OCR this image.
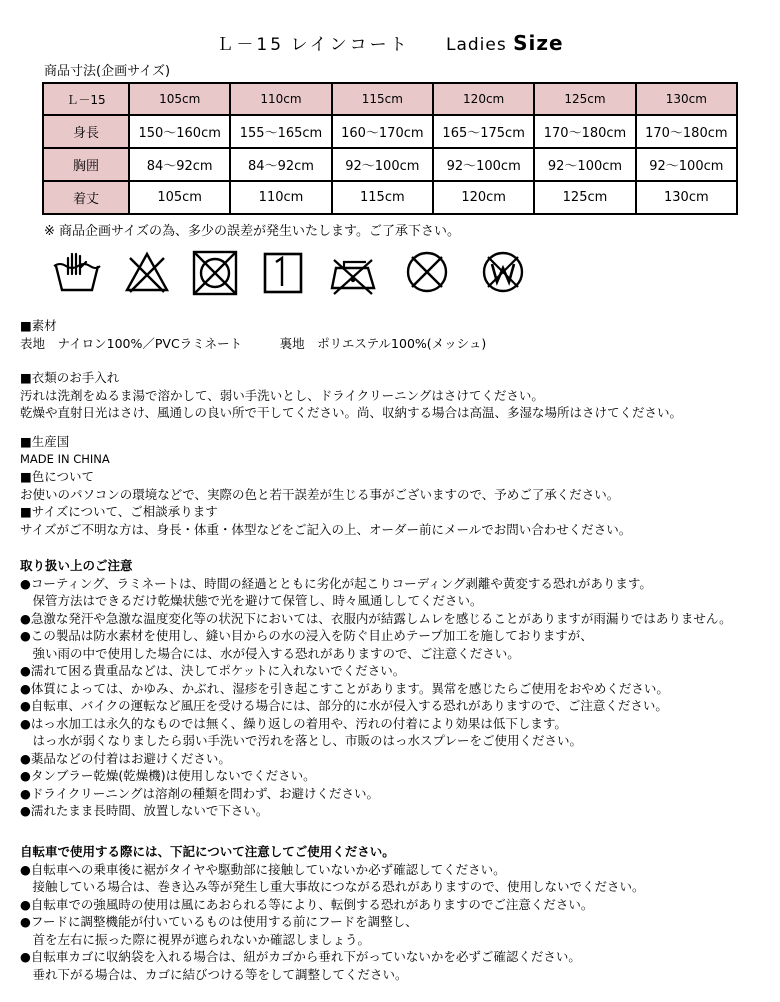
Ｌ－15 レインコート Ladies Size
商品寸法(企画サイズ)
Ｌ－15	105cm	110cm	115cm	120cm	125cm	130cm
身長	150〜160cm	155〜165cm	160〜170cm	165〜175cm	170〜180cm	170〜180cm
胸囲	84〜92cm	84〜92cm	92〜100cm	92〜100cm	92〜100cm	92〜100cm
着丈	105cm	110cm	115cm	120cm	125cm	130cm
※ 商品企画サイズの為、多少の誤差が発生いたします。ご了承下さい。
■素材
表地　ナイロン100%／PVCラミネート　　　裏地　ポリエステル100%(メッシュ)
■衣類のお手入れ
汚れは洗剤をぬるま湯で溶かして、弱い手洗いとし、ドライクリーニングはさけてください。
乾燥や直射日光はさけ、風通しの良い所で干してください。尚、収納する場合は高温、多湿な場所はさけてください。
■生産国
MADE IN CHINA
■色について
お使いのパソコンの環境などで、実際の色と若干誤差が生じる事がございますので、予めご了承ください。
■サイズについて、ご相談承ります
サイズがご不明な方は、身長・体重・体型などをご記入の上、オーダー前にメールでお問い合わせください。
取り扱い上のご注意
●コーティング、ラミネートは、時間の経過とともに劣化が起こりコーディング剥離や黄変する恐れがあります。
　保管方法はできるだけ乾燥状態で光を避けて保管し、時々風通ししてください。
●急激な発汗や急激な温度変化等の状況下においては、衣服内が結露しムレを感じることがありますが雨漏りではありません。
●この製品は防水素材を使用し、縫い目からの水の浸入を防ぐ目止めテープ加工を施しておりますが、
　強い雨の中で使用した場合には、水が侵入する恐れがありますので、ご注意ください。
●濡れて困る貴重品などは、決してポケットに入れないでください。
●体質によっては、かゆみ、かぶれ、湿疹を引き起こすことがあります。異常を感じたらご使用をおやめください。
●自転車、バイクの運転など風圧を受ける場合には、部分的に水が侵入する恐れがありますので、ご注意ください。
●はっ水加工は永久的なものでは無く、繰り返しの着用や、汚れの付着により効果は低下します。
　はっ水が弱くなりましたら弱い手洗いで汚れを落とし、市販のはっ水スプレーをご使用ください。
●薬品などの付着はお避けください。
●タンブラー乾燥(乾燥機)は使用しないでください。
●ドライクリーニングは溶剤の種類を問わず、お避けください。
●濡れたまま長時間、放置しないで下さい。
自転車で使用する際には、下記について注意してご使用ください。
●自転車への乗車後に裾がタイヤや駆動部に接触していないか必ず確認してください。
　接触している場合は、巻き込み等が発生し重大事故につながる恐れがありますので、使用しないでください。
●自転車での強風時の使用は風にあおられる等により、転倒する恐れがありますのでご注意ください。
●フードに調整機能が付いているものは使用する前にフードを調整し、
　首を左右に振った際に視界が遮られないか確認しましょう。
●自転車カゴに収納袋を入れる場合は、紐がカゴから垂れ下がっていないかを必ずご確認ください。
　垂れ下がる場合は、カゴに結びつける等をして調整してください。
